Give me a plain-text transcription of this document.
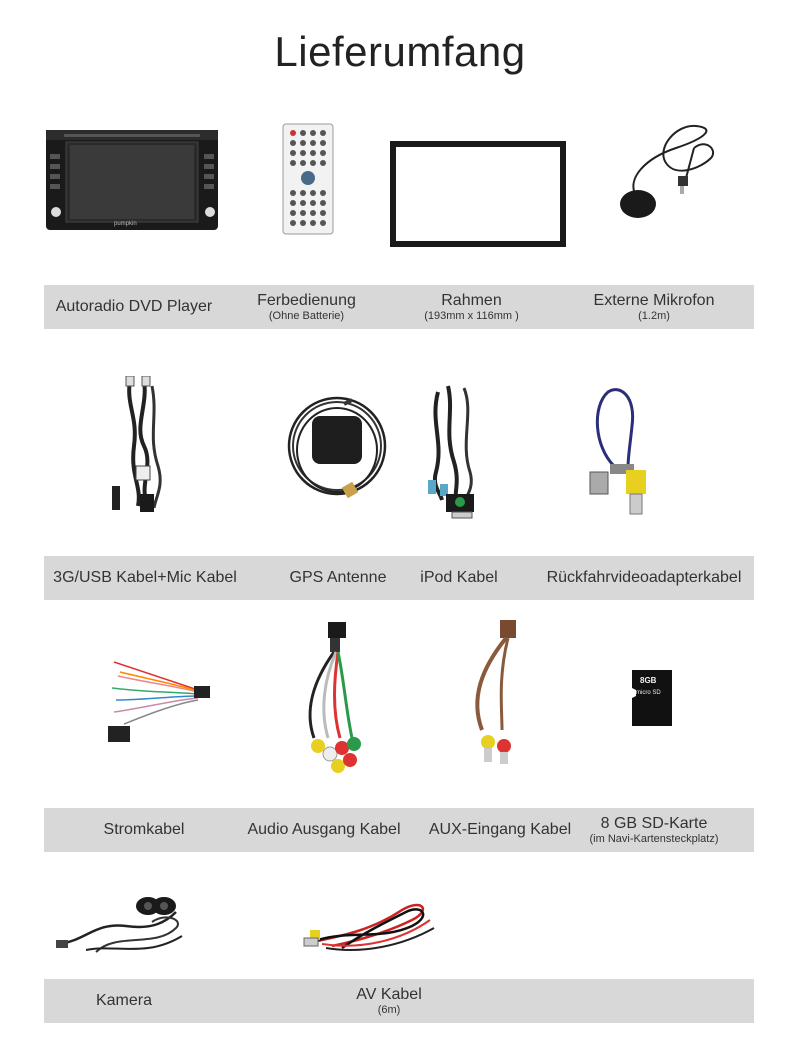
Lieferumfang
pumpkin
Autoradio DVD Player	Ferbedienung
(Ohne Batterie)
Rahmen
(193mm x 116mm )
Externe Mikrofon
(1.2m)
3G/USB Kabel+Mic Kabel	GPS Antenne iPod Kabel	Rückfahrvideoadapterkabel
8GB
micro SD
Stromkabel	Audio Ausgang Kabel AUX-Eingang Kabel 8 GB SD-Karte
(im Navi-Kartensteckplatz)
Kamera	AV Kabel
(6m)
